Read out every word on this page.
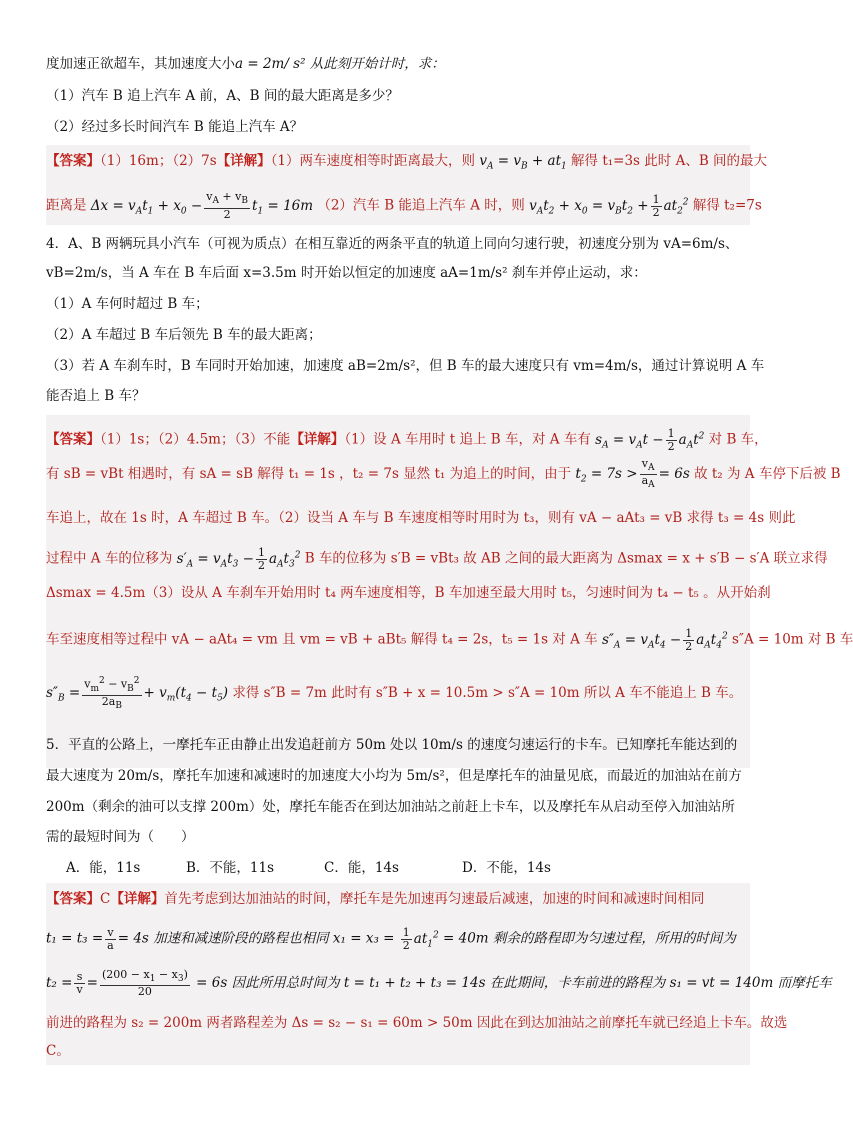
度加速正欲超车，其加速度大小a = 2m/ s² 从此刻开始计时，求：
（1）汽车 B 追上汽车 A 前，A、B 间的最大距离是多少？
（2）经过多长时间汽车 B 能追上汽车 A？
【答案】（1）16m；（2）7s【详解】（1）两车速度相等时距离最大，则 $v_A = v_B + at_1$ 解得 t₁=3s 此时 A、B 间的最大
距离是 $\Delta x = v_At_1 + x_0 - \frac{v_A + v_B}{2} t_1 = 16m$ （2）汽车 B 能追上汽车 A 时，则 $v_At_2 + x_0 = v_Bt_2 + \frac{1}{2} at_2^2$ 解得 t₂=7s
4．A、B 两辆玩具小汽车（可视为质点）在相互靠近的两条平直的轨道上同向匀速行驶，初速度分别为 vA=6m/s、
vB=2m/s，当 A 车在 B 车后面 x=3.5m 时开始以恒定的加速度 aA=1m/s² 刹车并停止运动，求：
（1）A 车何时超过 B 车；
（2）A 车超过 B 车后领先 B 车的最大距离；
（3）若 A 车刹车时，B 车同时开始加速，加速度 aB=2m/s²，但 B 车的最大速度只有 vm=4m/s，通过计算说明 A 车
能否追上 B 车？
【答案】（1）1s；（2）4.5m；（3）不能【详解】（1）设 A 车用时 t 追上 B 车，对 A 车有 $s_A = v_At - \frac{1}{2} a_At^2$ 对 B 车，
有 sB = vBt 相遇时，有 sA = sB 解得 t₁ = 1s ，t₂ = 7s 显然 t₁ 为追上的时间，由于 $t_2 = 7s > \frac{v_A}{a_A} = 6s$ 故 t₂ 为 A 车停下后被 B
车追上，故在 1s 时，A 车超过 B 车。（2）设当 A 车与 B 车速度相等时用时为 t₃，则有 vA − aAt₃ = vB 求得 t₃ = 4s 则此
过程中 A 车的位移为 $s'_A = v_At_3 - \frac{1}{2} a_At_3^2$ B 车的位移为 s′B = vBt₃ 故 AB 之间的最大距离为 Δsmax = x + s′B − s′A 联立求得
Δsmax = 4.5m（3）设从 A 车刹车开始用时 t₄ 两车速度相等，B 车加速至最大用时 t₅，匀速时间为 t₄ − t₅ 。从开始刹
车至速度相等过程中 vA − aAt₄ = vm 且 vm = vB + aBt₅ 解得 t₄ = 2s，t₅ = 1s 对 A 车 $s''_A = v_At_4 - \frac{1}{2} a_At_4^2$ s″A = 10m 对 B 车
$s''_B = \frac{v_m^2 - v_B^2}{2a_B} + v_m(t_4 - t_5)$ 求得 s″B = 7m 此时有 s″B + x = 10.5m > s″A = 10m 所以 A 车不能追上 B 车。
5．平直的公路上，一摩托车正由静止出发追赶前方 50m 处以 10m/s 的速度匀速运行的卡车。已知摩托车能达到的
最大速度为 20m/s，摩托车加速和减速时的加速度大小均为 5m/s²，但是摩托车的油量见底，而最近的加油站在前方
200m（剩余的油可以支撑 200m）处，摩托车能否在到达加油站之前赶上卡车，以及摩托车从启动至停入加油站所
需的最短时间为（　　）
A．能，11s	B．不能，11s	C．能，14s	D．不能，14s
【答案】C【详解】首先考虑到达加油站的时间，摩托车是先加速再匀速最后减速，加速的时间和减速时间相同
$t_1 = t_3 = \frac{v}{a} = 4s$ 加速和减速阶段的路程也相同 $x_1 = x_3 = \frac{1}{2} at_1^2 = 40m$ 剩余的路程即为匀速过程，所用的时间为
$t_2 = \frac{s}{v} = \frac{(200 - x_1 - x_3)}{20} = 6s$ 因此所用总时间为 t = t₁ + t₂ + t₃ = 14s 在此期间，卡车前进的路程为 s₁ = vt = 140m 而摩托车
前进的路程为 s₂ = 200m 两者路程差为 Δs = s₂ − s₁ = 60m > 50m 因此在到达加油站之前摩托车就已经追上卡车。故选
C。
